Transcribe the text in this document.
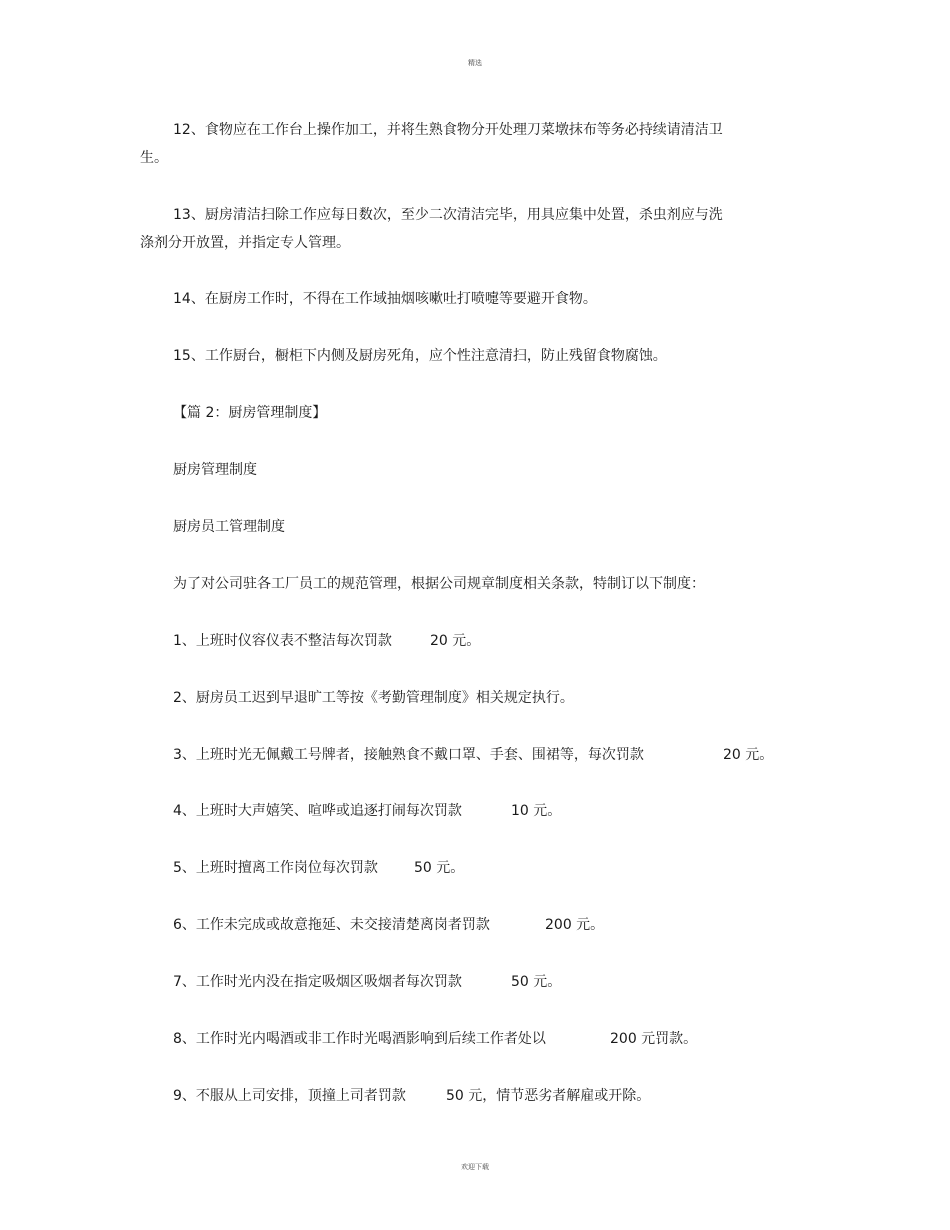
精选
12、食物应在工作台上操作加工，并将生熟食物分开处理刀菜墩抹布等务必持续请清洁卫
生。
13、厨房清洁扫除工作应每日数次，至少二次清洁完毕，用具应集中处置，杀虫剂应与洗
涤剂分开放置，并指定专人管理。
14、在厨房工作时，不得在工作域抽烟咳嗽吐打喷嚏等要避开食物。
15、工作厨台，橱柜下内侧及厨房死角，应个性注意清扫，防止残留食物腐蚀。
【篇 2：厨房管理制度】
厨房管理制度
厨房员工管理制度
为了对公司驻各工厂员工的规范管理，根据公司规章制度相关条款，特制订以下制度：
1、上班时仪容仪表不整洁每次罚款	20 元。
2、厨房员工迟到早退旷工等按《考勤管理制度》相关规定执行。
3、上班时光无佩戴工号牌者，接触熟食不戴口罩、手套、围裙等，每次罚款	20 元。
4、上班时大声嬉笑、喧哗或追逐打闹每次罚款	10 元。
5、上班时擅离工作岗位每次罚款	50 元。
6、工作未完成或故意拖延、未交接清楚离岗者罚款	200 元。
7、工作时光内没在指定吸烟区吸烟者每次罚款	50 元。
8、工作时光内喝酒或非工作时光喝酒影响到后续工作者处以	200 元罚款。
9、不服从上司安排，顶撞上司者罚款	50 元，情节恶劣者解雇或开除。
欢迎下载
